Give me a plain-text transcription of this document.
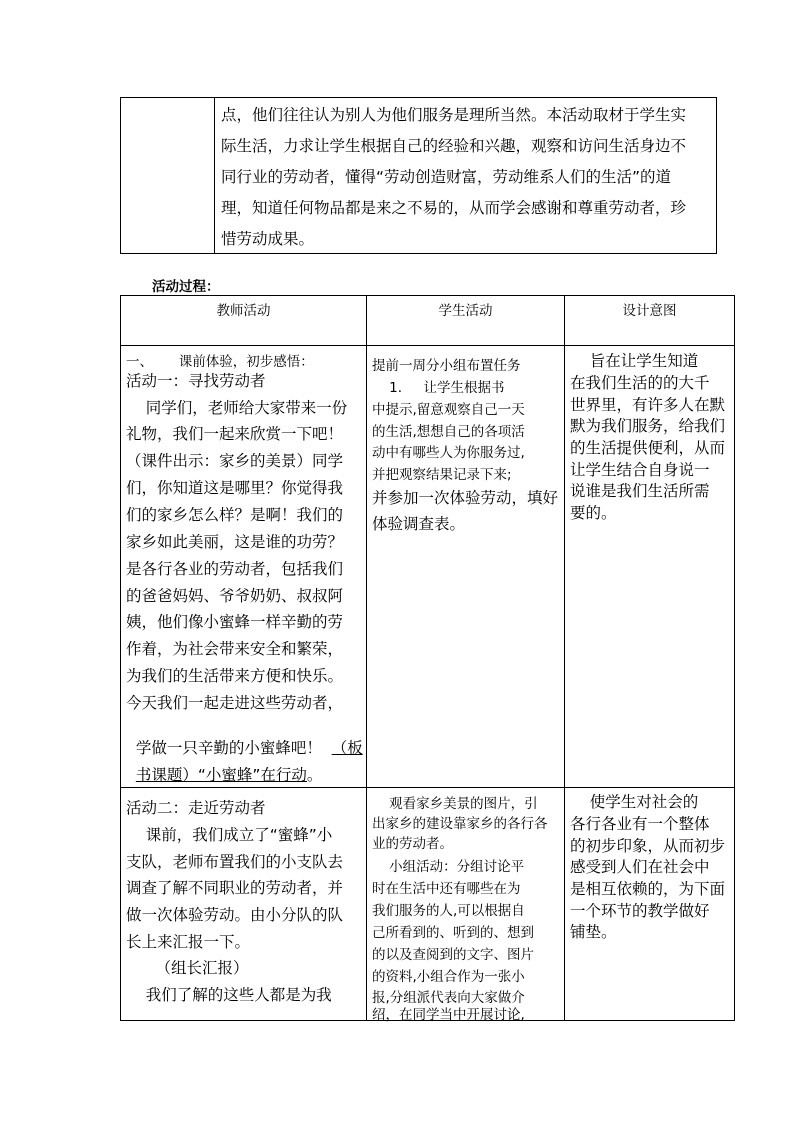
点，他们往往认为别人为他们服务是理所当然。本活动取材于学生实
际生活，力求让学生根据自己的经验和兴趣，观察和访问生活身边不
同行业的劳动者，懂得“劳动创造财富，劳动维系人们的生活”的道
理，知道任何物品都是来之不易的，从而学会感谢和尊重劳动者，珍
惜劳动成果。
活动过程：
教师活动	学生活动	设计意图
一、      课前体验，初步感悟：
活动一：寻找劳动者
同学们，老师给大家带来一份
礼物，我们一起来欣赏一下吧！
（课件出示：家乡的美景）同学
们，你知道这是哪里？你觉得我
们的家乡怎么样？是啊！我们的
家乡如此美丽，这是谁的功劳？
是各行各业的劳动者，包括我们
的爸爸妈妈、爷爷奶奶、叔叔阿
姨，他们像小蜜蜂一样辛勤的劳
作着，为社会带来安全和繁荣，
为我们的生活带来方便和快乐。
今天我们一起走进这些劳动者，

学做一只辛勤的小蜜蜂吧！  （板

书课题）“小蜜蜂”在行动。

提前一周分小组布置任务
1.     让学生根据书
中提示,留意观察自己一天
的生活,想想自己的各项活
动中有哪些人为你服务过,
并把观察结果记录下来;
并参加一次体验劳动，填好
体验调查表。
旨在让学生知道
在我们生活的的大千
世界里，有许多人在默
默为我们服务，给我们
的生活提供便利，从而
让学生结合自身说一
说谁是我们生活所需
要的。
活动二：走近劳动者
课前，我们成立了“蜜蜂”小
支队，老师布置我们的小支队去
调查了解不同职业的劳动者，并
做一次体验劳动。由小分队的队
长上来汇报一下。
（组长汇报）
我们了解的这些人都是为我
观看家乡美景的图片，引
出家乡的建设靠家乡的各行各
业的劳动者。
小组活动：分组讨论平
时在生活中还有哪些在为
我们服务的人,可以根据自
己所看到的、听到的、想到
的以及查阅到的文字、图片
的资料,小组合作为一张小
报,分组派代表向大家做介
绍，在同学当中开展讨论,
使学生对社会的
各行各业有一个整体
的初步印象，从而初步
感受到人们在社会中
是相互依赖的，为下面
一个环节的教学做好
铺垫。
